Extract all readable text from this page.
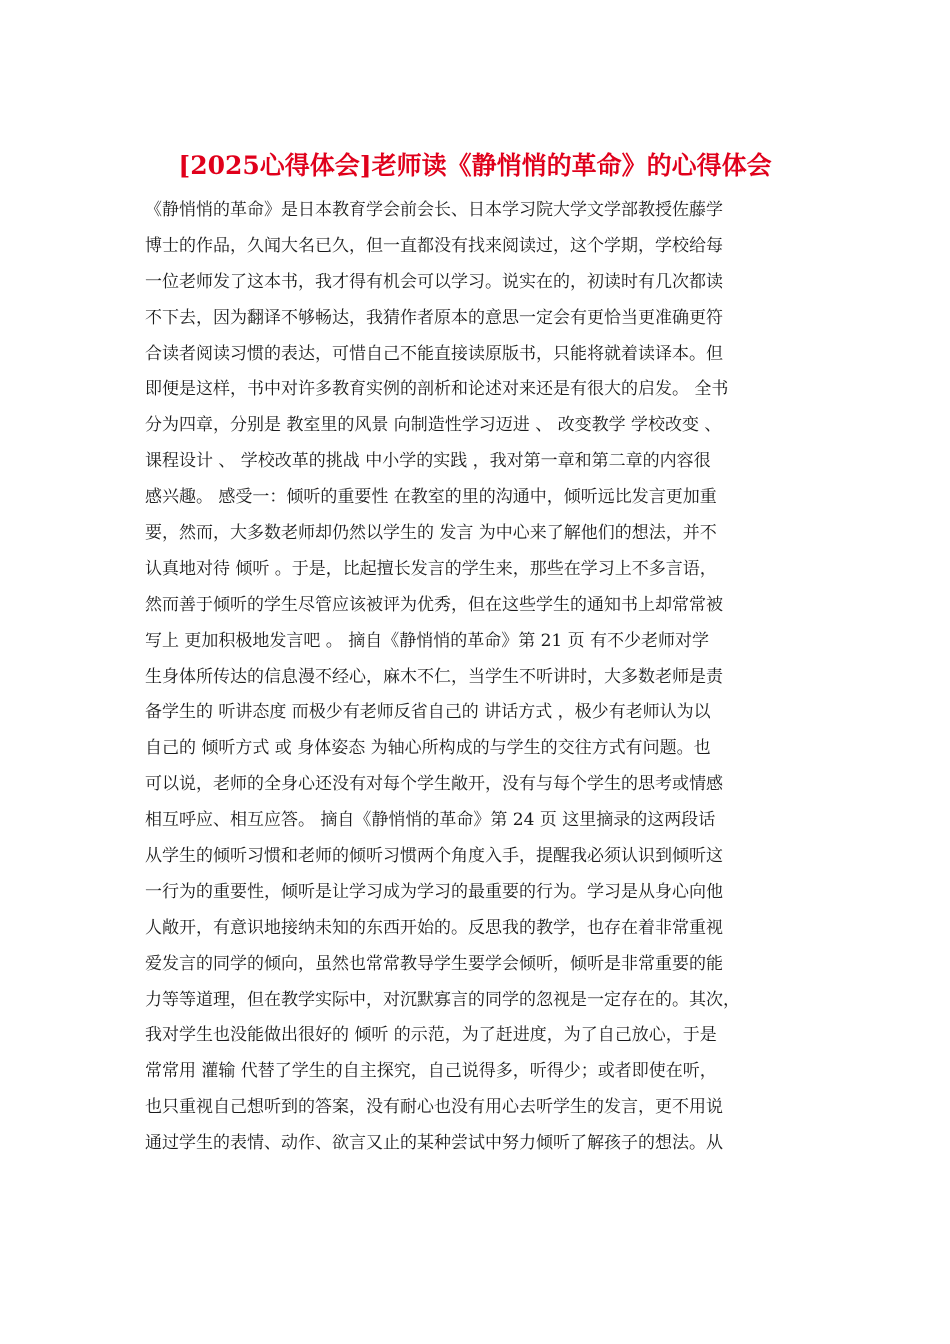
[2025心得体会]老师读《静悄悄的革命》的心得体会
《静悄悄的革命》是日本教育学会前会长、日本学习院大学文学部教授佐藤学
博士的作品，久闻大名已久，但一直都没有找来阅读过，这个学期，学校给每
一位老师发了这本书，我才得有机会可以学习。说实在的，初读时有几次都读
不下去，因为翻译不够畅达，我猜作者原本的意思一定会有更恰当更准确更符
合读者阅读习惯的表达，可惜自己不能直接读原版书，只能将就着读译本。但
即便是这样，书中对许多教育实例的剖析和论述对来还是有很大的启发。 全书
分为四章，分别是 教室里的风景 向制造性学习迈进 、 改变教学 学校改变 、
课程设计 、 学校改革的挑战 中小学的实践 ，我对第一章和第二章的内容很
感兴趣。 感受一：倾听的重要性 在教室的里的沟通中，倾听远比发言更加重
要，然而，大多数老师却仍然以学生的 发言 为中心来了解他们的想法，并不
认真地对待 倾听 。于是，比起擅长发言的学生来，那些在学习上不多言语，
然而善于倾听的学生尽管应该被评为优秀，但在这些学生的通知书上却常常被
写上 更加积极地发言吧 。 摘自《静悄悄的革命》第 21 页 有不少老师对学
生身体所传达的信息漫不经心，麻木不仁，当学生不听讲时，大多数老师是责
备学生的 听讲态度 而极少有老师反省自己的 讲话方式 ，极少有老师认为以
自己的 倾听方式 或 身体姿态 为轴心所构成的与学生的交往方式有问题。也
可以说，老师的全身心还没有对每个学生敞开，没有与每个学生的思考或情感
相互呼应、相互应答。 摘自《静悄悄的革命》第 24 页 这里摘录的这两段话
从学生的倾听习惯和老师的倾听习惯两个角度入手，提醒我必须认识到倾听这
一行为的重要性，倾听是让学习成为学习的最重要的行为。学习是从身心向他
人敞开，有意识地接纳未知的东西开始的。反思我的教学，也存在着非常重视
爱发言的同学的倾向，虽然也常常教导学生要学会倾听，倾听是非常重要的能
力等等道理，但在教学实际中，对沉默寡言的同学的忽视是一定存在的。其次，
我对学生也没能做出很好的 倾听 的示范，为了赶进度，为了自己放心，于是
常常用 灌输 代替了学生的自主探究，自己说得多，听得少；或者即使在听，
也只重视自己想听到的答案，没有耐心也没有用心去听学生的发言，更不用说
通过学生的表情、动作、欲言又止的某种尝试中努力倾听了解孩子的想法。从
